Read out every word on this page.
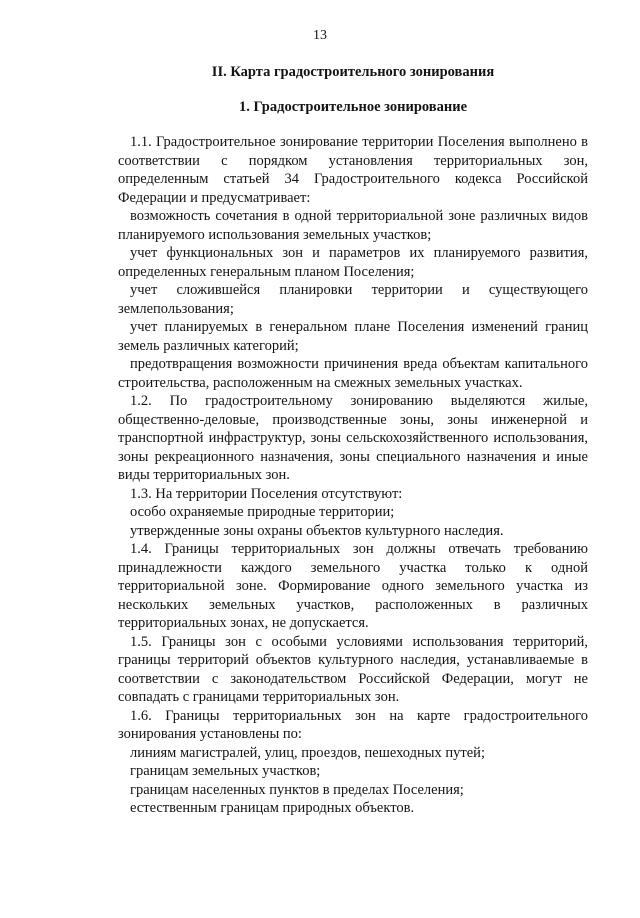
13
II. Карта градостроительного зонирования
1. Градостроительное зонирование

1.1. Градостроительное зонирование территории Поселения выполнено в соответствии с порядком установления территориальных зон, определенным статьей 34 Градостроительного кодекса Российской Федерации и предусматривает:

возможность сочетания в одной территориальной зоне различных видов планируемого использования земельных участков;

учет функциональных зон и параметров их планируемого развития, определенных генеральным планом Поселения;

учет сложившейся планировки территории и существующего землепользования;

учет планируемых в генеральном плане Поселения изменений границ земель различных категорий;

предотвращения возможности причинения вреда объектам капитального строительства, расположенным на смежных земельных участках.

1.2. По градостроительному зонированию выделяются жилые, общественно-деловые, производственные зоны, зоны инженерной и транспортной инфраструктур, зоны сельскохозяйственного использования, зоны рекреационного назначения, зоны специального назначения и иные виды территориальных зон.

1.3. На территории Поселения отсутствуют:

особо охраняемые природные территории;

утвержденные зоны охраны объектов культурного наследия.

1.4. Границы территориальных зон должны отвечать требованию принадлежности каждого земельного участка только к одной территориальной зоне. Формирование одного земельного участка из нескольких земельных участков, расположенных в различных территориальных зонах, не допускается.

1.5. Границы зон с особыми условиями использования территорий, границы территорий объектов культурного наследия, устанавливаемые в соответствии с законодательством Российской Федерации, могут не совпадать с границами территориальных зон.

1.6. Границы территориальных зон на карте градостроительного зонирования установлены по:

линиям магистралей, улиц, проездов, пешеходных путей;

границам земельных участков;

границам населенных пунктов в пределах Поселения;

естественным границам природных объектов.
